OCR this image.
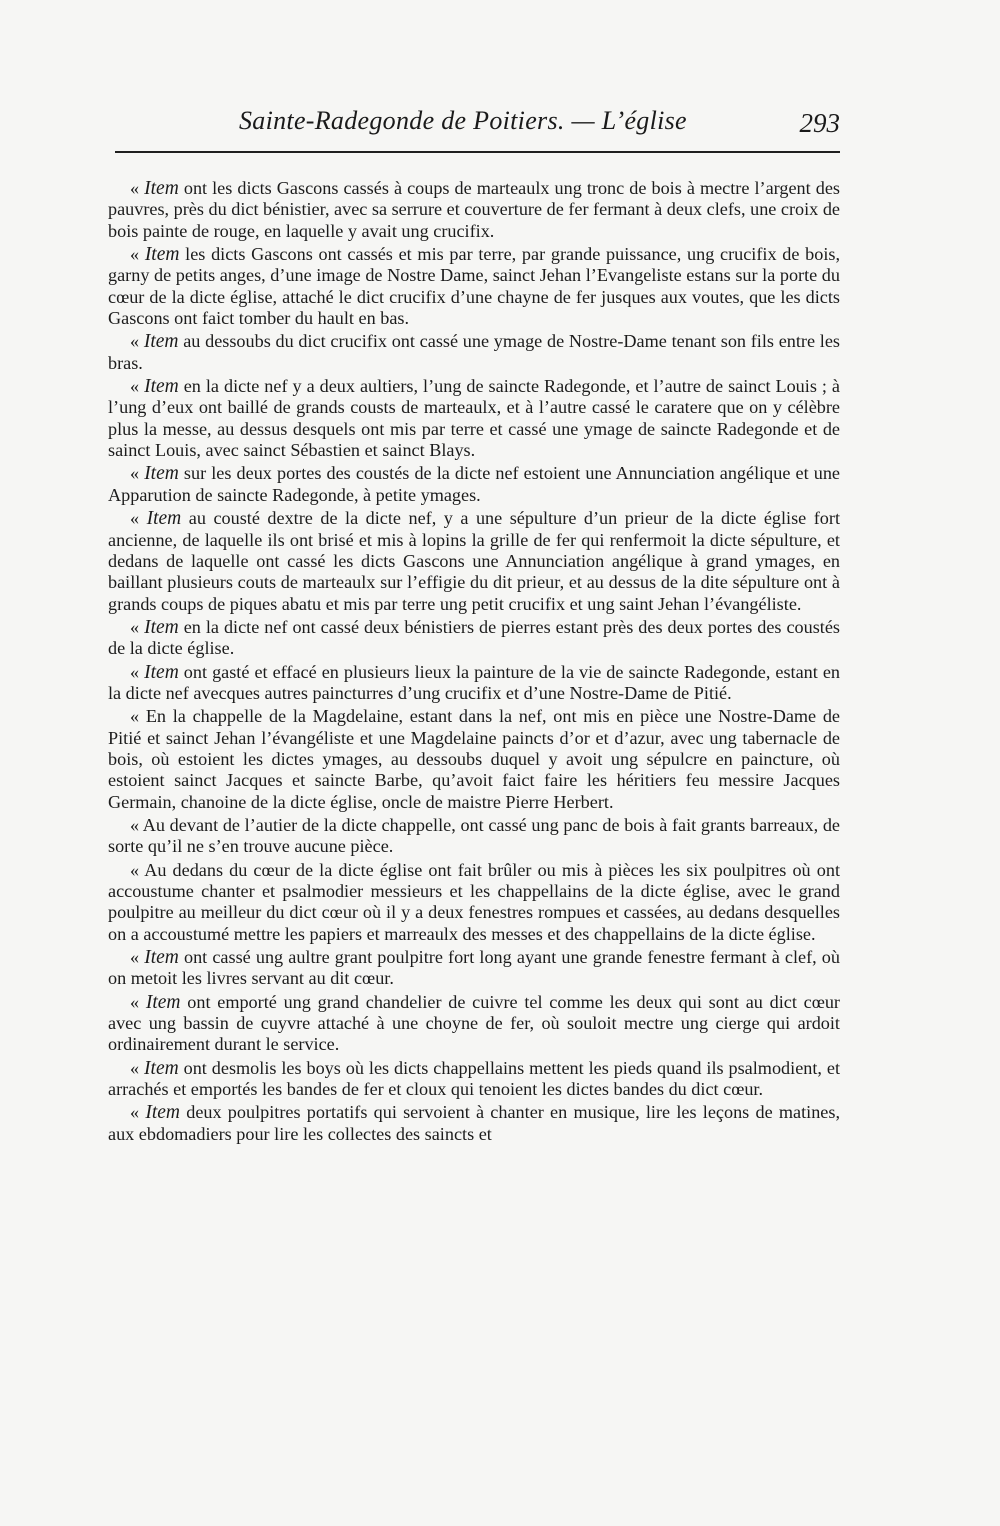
Sainte-Radegonde de Poitiers. — L’église	293

« Item ont les dicts Gascons cassés à coups de marteaulx ung tronc de bois à mectre l’argent des pauvres, près du dict bénistier, avec sa serrure et couverture de fer fermant à deux clefs, une croix de bois painte de rouge, en laquelle y avait ung crucifix.

« Item les dicts Gascons ont cassés et mis par terre, par grande puissance, ung crucifix de bois, garny de petits anges, d’une image de Nostre Dame, sainct Jehan l’Evangeliste estans sur la porte du cœur de la dicte église, attaché le dict crucifix d’une chayne de fer jusques aux voutes, que les dicts Gascons ont faict tomber du hault en bas.

« Item au dessoubs du dict crucifix ont cassé une ymage de Nostre-Dame tenant son fils entre les bras.

« Item en la dicte nef y a deux aultiers, l’ung de saincte Radegonde, et l’autre de sainct Louis ; à l’ung d’eux ont baillé de grands cousts de marteaulx, et à l’autre cassé le caratere que on y célèbre plus la messe, au dessus desquels ont mis par terre et cassé une ymage de saincte Radegonde et de sainct Louis, avec sainct Sébastien et sainct Blays.

« Item sur les deux portes des coustés de la dicte nef estoient une Annunciation angélique et une Apparution de saincte Radegonde, à petite ymages.

« Item au cousté dextre de la dicte nef, y a une sépulture d’un prieur de la dicte église fort ancienne, de laquelle ils ont brisé et mis à lopins la grille de fer qui renfermoit la dicte sépulture, et dedans de laquelle ont cassé les dicts Gascons une Annunciation angélique à grand ymages, en baillant plusieurs couts de marteaulx sur l’effigie du dit prieur, et au dessus de la dite sépulture ont à grands coups de piques abatu et mis par terre ung petit crucifix et ung saint Jehan l’évangéliste.

« Item en la dicte nef ont cassé deux bénistiers de pierres estant près des deux portes des coustés de la dicte église.

« Item ont gasté et effacé en plusieurs lieux la painture de la vie de saincte Radegonde, estant en la dicte nef avecques autres paincturres d’ung crucifix et d’une Nostre-Dame de Pitié.

« En la chappelle de la Magdelaine, estant dans la nef, ont mis en pièce une Nostre-Dame de Pitié et sainct Jehan l’évangéliste et une Magdelaine paincts d’or et d’azur, avec ung tabernacle de bois, où estoient les dictes ymages, au dessoubs duquel y avoit ung sépulcre en paincture, où estoient sainct Jacques et saincte Barbe, qu’avoit faict faire les héritiers feu messire Jacques Germain, chanoine de la dicte église, oncle de maistre Pierre Herbert.

« Au devant de l’autier de la dicte chappelle, ont cassé ung panc de bois à fait grants barreaux, de sorte qu’il ne s’en trouve aucune pièce.

« Au dedans du cœur de la dicte église ont fait brûler ou mis à pièces les six poulpitres où ont accoustume chanter et psalmodier messieurs et les chappellains de la dicte église, avec le grand poulpitre au meilleur du dict cœur où il y a deux fenestres rompues et cassées, au dedans desquelles on a accoustumé mettre les papiers et marreaulx des messes et des chappellains de la dicte église.

« Item ont cassé ung aultre grant poulpitre fort long ayant une grande fenestre fermant à clef, où on metoit les livres servant au dit cœur.

« Item ont emporté ung grand chandelier de cuivre tel comme les deux qui sont au dict cœur avec ung bassin de cuyvre attaché à une choyne de fer, où souloit mectre ung cierge qui ardoit ordinairement durant le service.

« Item ont desmolis les boys où les dicts chappellains mettent les pieds quand ils psalmodient, et arrachés et emportés les bandes de fer et cloux qui tenoient les dictes bandes du dict cœur.

« Item deux poulpitres portatifs qui servoient à chanter en musique, lire les leçons de matines, aux ebdomadiers pour lire les collectes des saincts et
